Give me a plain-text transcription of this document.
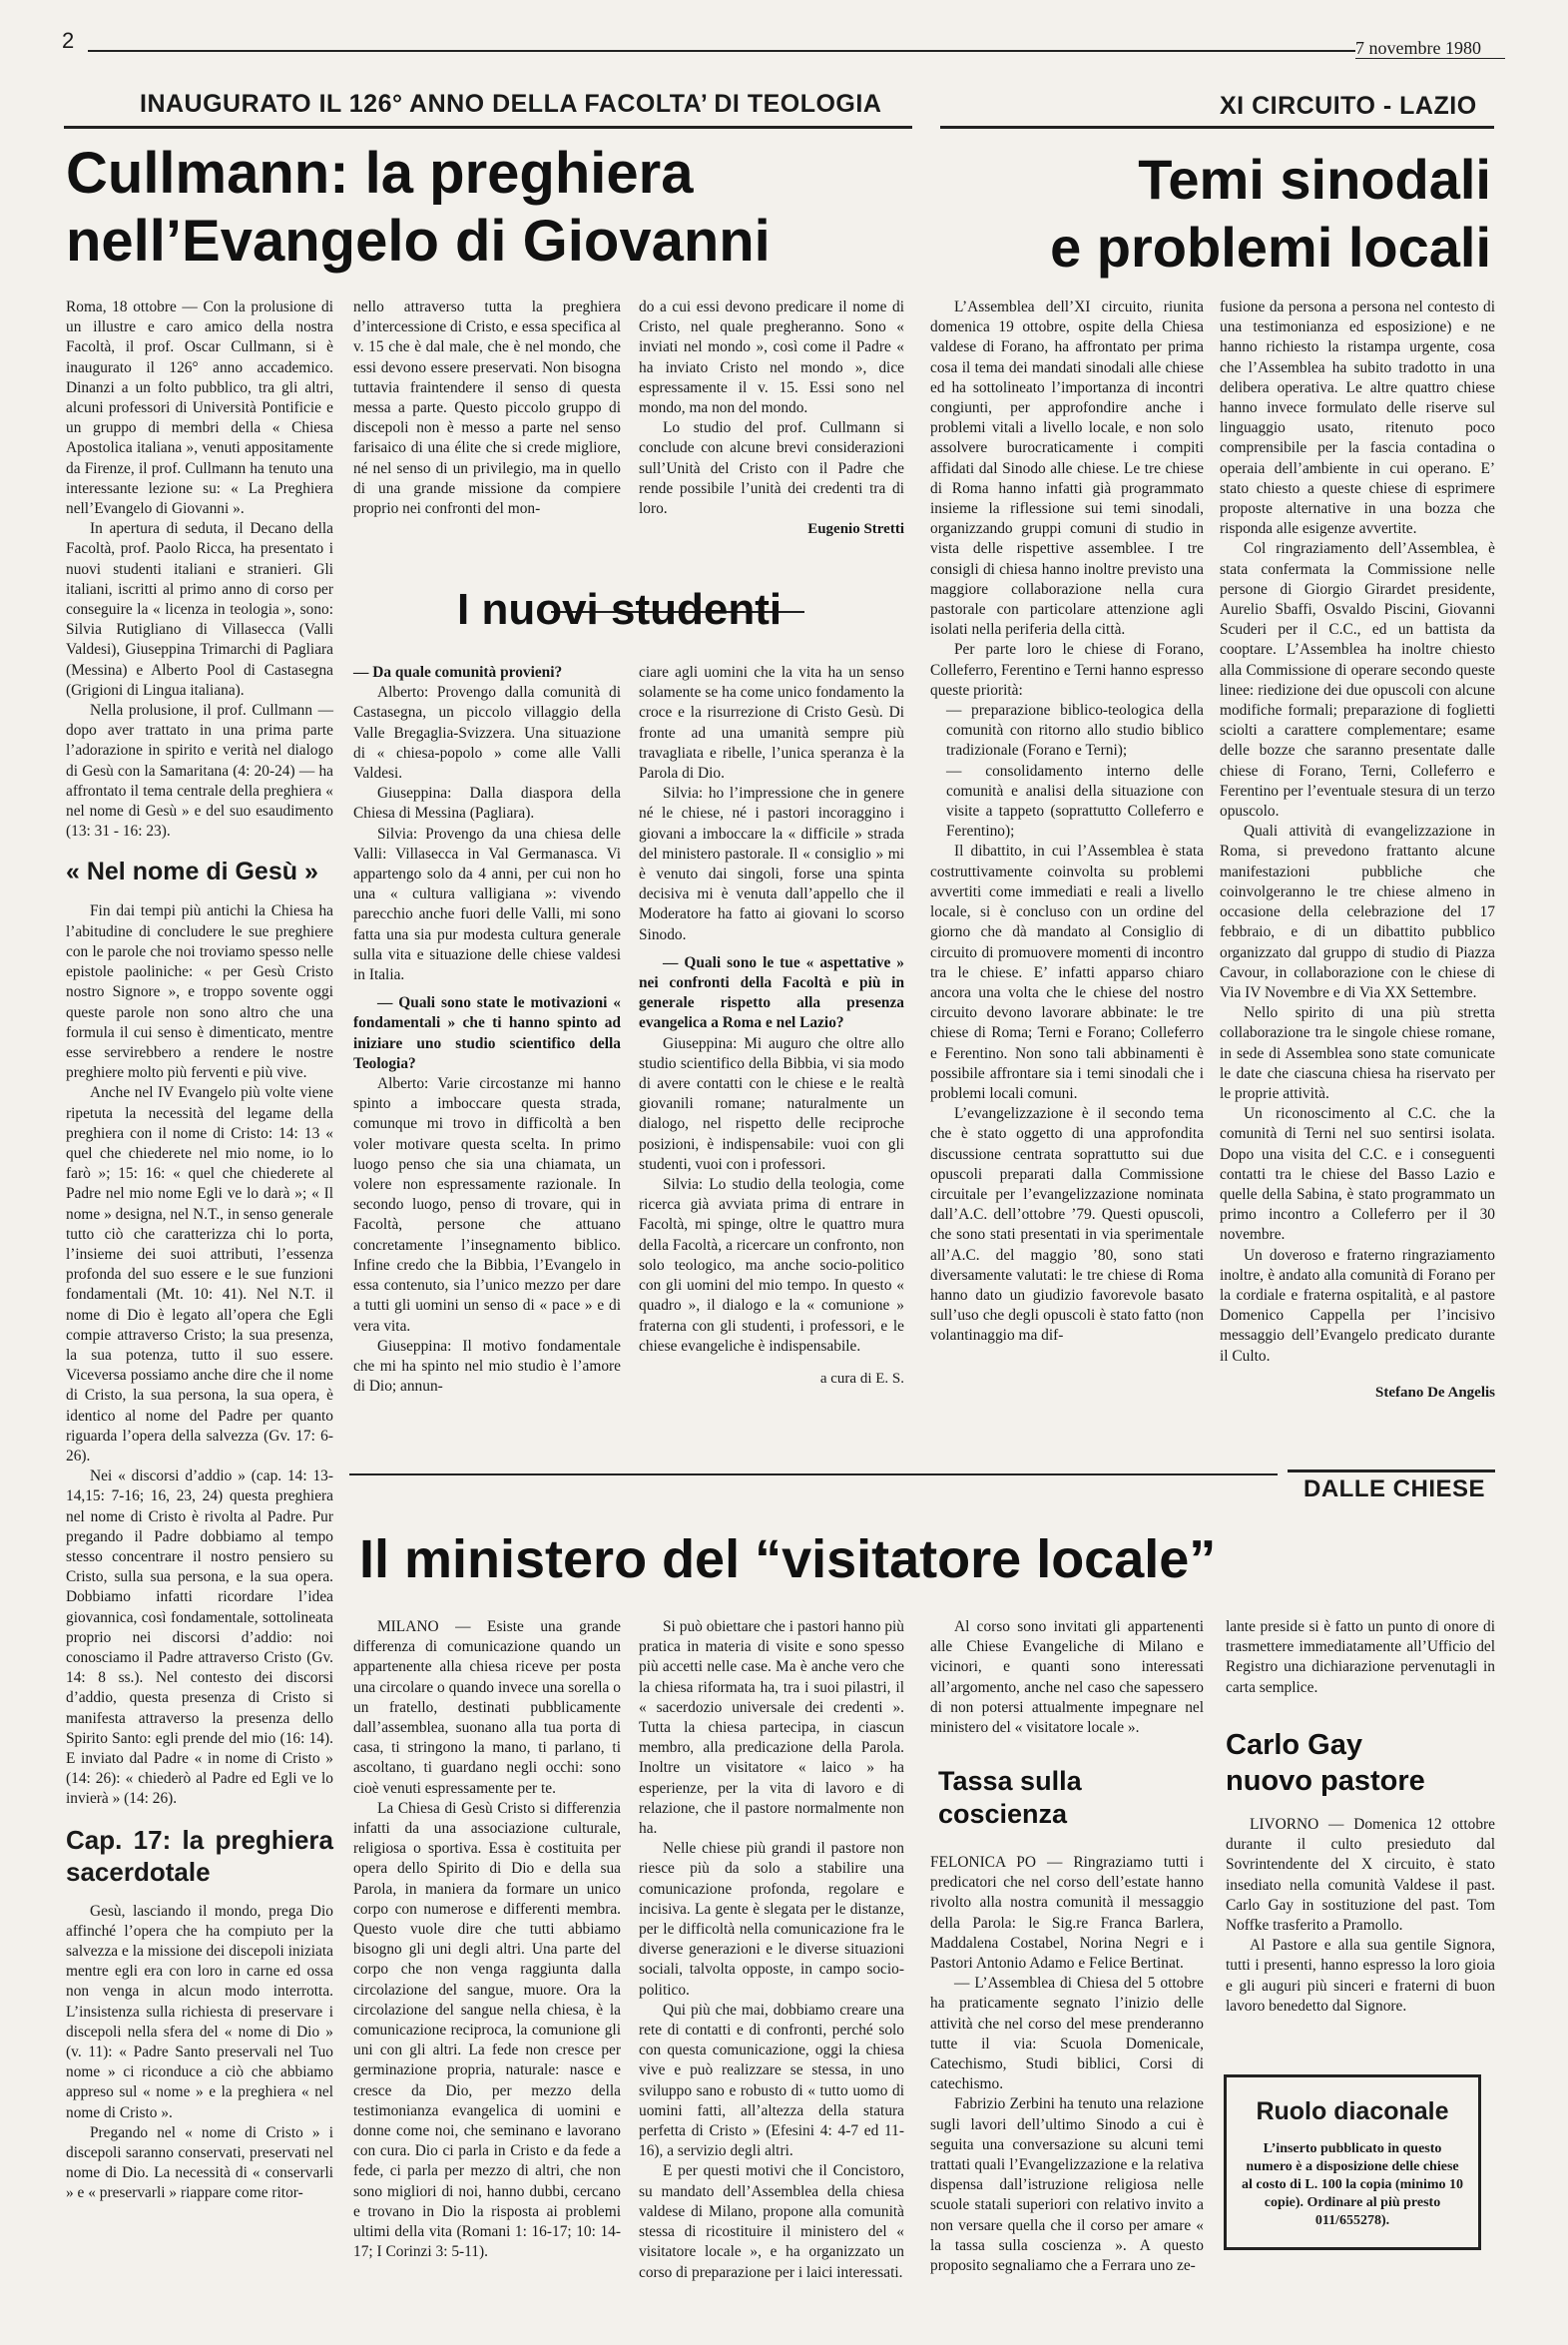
2	7 novembre 1980
INAUGURATO IL 126° ANNO DELLA FACOLTA’ DI TEOLOGIA	XI CIRCUITO - LAZIO
Cullmann: la preghiera
nell’Evangelo di Giovanni
Temi sinodali
e problemi locali

Roma, 18 ottobre — Con la prolusione di un illustre e caro amico della nostra Facoltà, il prof. Oscar Cullmann, si è inaugurato il 126° anno accademico. Dinanzi a un folto pubblico, tra gli altri, alcuni professori di Università Pontificie e un gruppo di membri della « Chiesa Apostolica italiana », venuti appositamente da Firenze, il prof. Cullmann ha tenuto una interessante lezione su: « La Preghiera nell’Evangelo di Giovanni ».

In apertura di seduta, il Decano della Facoltà, prof. Paolo Ricca, ha presentato i nuovi studenti italiani e stranieri. Gli italiani, iscritti al primo anno di corso per conseguire la « licenza in teologia », sono: Silvia Rutigliano di Villasecca (Valli Valdesi), Giuseppina Trimarchi di Pagliara (Messina) e Alberto Pool di Castasegna (Grigioni di Lingua italiana).

Nella prolusione, il prof. Cullmann — dopo aver trattato in una prima parte l’adorazione in spirito e verità nel dialogo di Gesù con la Samaritana (4: 20-24) — ha affrontato il tema centrale della preghiera « nel nome di Gesù » e del suo esaudimento (13: 31 - 16: 23).

« Nel nome di Gesù »

Fin dai tempi più antichi la Chiesa ha l’abitudine di concludere le sue preghiere con le parole che noi troviamo spesso nelle epistole paoliniche: « per Gesù Cristo nostro Signore », e troppo sovente oggi queste parole non sono altro che una formula il cui senso è dimenticato, mentre esse servirebbero a rendere le nostre preghiere molto più ferventi e più vive.

Anche nel IV Evangelo più volte viene ripetuta la necessità del legame della preghiera con il nome di Cristo: 14: 13 « quel che chiederete nel mio nome, io lo farò »; 15: 16: « quel che chiederete al Padre nel mio nome Egli ve lo darà »; « Il nome » designa, nel N.T., in senso generale tutto ciò che caratterizza chi lo porta, l’insieme dei suoi attributi, l’essenza profonda del suo essere e le sue funzioni fondamentali (Mt. 10: 41). Nel N.T. il nome di Dio è legato all’opera che Egli compie attraverso Cristo; la sua presenza, la sua potenza, tutto il suo essere. Viceversa possiamo anche dire che il nome di Cristo, la sua persona, la sua opera, è identico al nome del Padre per quanto riguarda l’opera della salvezza (Gv. 17: 6-26).

Nei « discorsi d’addio » (cap. 14: 13-14,15: 7-16; 16, 23, 24) questa preghiera nel nome di Cristo è rivolta al Padre. Pur pregando il Padre dobbiamo al tempo stesso concentrare il nostro pensiero su Cristo, sulla sua persona, e la sua opera. Dobbiamo infatti ricordare l’idea giovannica, così fondamentale, sottolineata proprio nei discorsi d’addio: noi conosciamo il Padre attraverso Cristo (Gv. 14: 8 ss.). Nel contesto dei discorsi d’addio, questa presenza di Cristo si manifesta attraverso la presenza dello Spirito Santo: egli prende del mio (16: 14). E inviato dal Padre « in nome di Cristo » (14: 26): « chiederò al Padre ed Egli ve lo invierà » (14: 26).

Cap. 17: la preghiera sacerdotale

Gesù, lasciando il mondo, prega Dio affinché l’opera che ha compiuto per la salvezza e la missione dei discepoli iniziata mentre egli era con loro in carne ed ossa non venga in alcun modo interrotta. L’insistenza sulla richiesta di preservare i discepoli nella sfera del « nome di Dio » (v. 11): « Padre Santo preservali nel Tuo nome » ci riconduce a ciò che abbiamo appreso sul « nome » e la preghiera « nel nome di Cristo ».

Pregando nel « nome di Cristo » i discepoli saranno conservati, preservati nel nome di Dio. La necessità di « conservarli » e « preservarli » riappare come ritor-

nello attraverso tutta la preghiera d’intercessione di Cristo, e essa specifica al v. 15 che è dal male, che è nel mondo, che essi devono essere preservati. Non bisogna tuttavia fraintendere il senso di questa messa a parte. Questo piccolo gruppo di discepoli non è messo a parte nel senso farisaico di una élite che si crede migliore, né nel senso di un privilegio, ma in quello di una grande missione da compiere proprio nei confronti del mon-

do a cui essi devono predicare il nome di Cristo, nel quale pregheranno. Sono « inviati nel mondo », così come il Padre « ha inviato Cristo nel mondo », dice espressamente il v. 15. Essi sono nel mondo, ma non del mondo.

Lo studio del prof. Cullmann si conclude con alcune brevi considerazioni sull’Unità del Cristo con il Padre che rende possibile l’unità dei credenti tra di loro.

Eugenio Stretti
I nuovi studenti

— Da quale comunità provieni?

Alberto: Provengo dalla comunità di Castasegna, un piccolo villaggio della Valle Bregaglia-Svizzera. Una situazione di « chiesa-popolo » come alle Valli Valdesi.

Giuseppina: Dalla diaspora della Chiesa di Messina (Pagliara).

Silvia: Provengo da una chiesa delle Valli: Villasecca in Val Germanasca. Vi appartengo solo da 4 anni, per cui non ho una « cultura valligiana »: vivendo parecchio anche fuori delle Valli, mi sono fatta una sia pur modesta cultura generale sulla vita e situazione delle chiese valdesi in Italia.

— Quali sono state le motivazioni « fondamentali » che ti hanno spinto ad iniziare uno studio scientifico della Teologia?

Alberto: Varie circostanze mi hanno spinto a imboccare questa strada, comunque mi trovo in difficoltà a ben voler motivare questa scelta. In primo luogo penso che sia una chiamata, un volere non espressamente razionale. In secondo luogo, penso di trovare, qui in Facoltà, persone che attuano concretamente l’insegnamento biblico. Infine credo che la Bibbia, l’Evangelo in essa contenuto, sia l’unico mezzo per dare a tutti gli uomini un senso di « pace » e di vera vita.

Giuseppina: Il motivo fondamentale che mi ha spinto nel mio studio è l’amore di Dio; annun-

ciare agli uomini che la vita ha un senso solamente se ha come unico fondamento la croce e la risurrezione di Cristo Gesù. Di fronte ad una umanità sempre più travagliata e ribelle, l’unica speranza è la Parola di Dio.

Silvia: ho l’impressione che in genere né le chiese, né i pastori incoraggino i giovani a imboccare la « difficile » strada del ministero pastorale. Il « consiglio » mi è venuto dai singoli, forse una spinta decisiva mi è venuta dall’appello che il Moderatore ha fatto ai giovani lo scorso Sinodo.

— Quali sono le tue « aspettative » nei confronti della Facoltà e più in generale rispetto alla presenza evangelica a Roma e nel Lazio?

Giuseppina: Mi auguro che oltre allo studio scientifico della Bibbia, vi sia modo di avere contatti con le chiese e le realtà giovanili romane; naturalmente un dialogo, nel rispetto delle reciproche posizioni, è indispensabile: vuoi con gli studenti, vuoi con i professori.

Silvia: Lo studio della teologia, come ricerca già avviata prima di entrare in Facoltà, mi spinge, oltre le quattro mura della Facoltà, a ricercare un confronto, non solo teologico, ma anche socio-politico con gli uomini del mio tempo. In questo « quadro », il dialogo e la « comunione » fraterna con gli studenti, i professori, e le chiese evangeliche è indispensabile.

a cura di E. S.

L’Assemblea dell’XI circuito, riunita domenica 19 ottobre, ospite della Chiesa valdese di Forano, ha affrontato per prima cosa il tema dei mandati sinodali alle chiese ed ha sottolineato l’importanza di incontri congiunti, per approfondire anche i problemi vitali a livello locale, e non solo assolvere burocraticamente i compiti affidati dal Sinodo alle chiese. Le tre chiese di Roma hanno infatti già programmato insieme la riflessione sui temi sinodali, organizzando gruppi comuni di studio in vista delle rispettive assemblee. I tre consigli di chiesa hanno inoltre previsto una maggiore collaborazione nella cura pastorale con particolare attenzione agli isolati nella periferia della città.

Per parte loro le chiese di Forano, Colleferro, Ferentino e Terni hanno espresso queste priorità:

— preparazione biblico-teologica della comunità con ritorno allo studio biblico tradizionale (Forano e Terni);

— consolidamento interno delle comunità e analisi della situazione con visite a tappeto (soprattutto Colleferro e Ferentino);

Il dibattito, in cui l’Assemblea è stata costruttivamente coinvolta su problemi avvertiti come immediati e reali a livello locale, si è concluso con un ordine del giorno che dà mandato al Consiglio di circuito di promuovere momenti di incontro tra le chiese. E’ infatti apparso chiaro ancora una volta che le chiese del nostro circuito devono lavorare abbinate: le tre chiese di Roma; Terni e Forano; Colleferro e Ferentino. Non sono tali abbinamenti è possibile affrontare sia i temi sinodali che i problemi locali comuni.

L’evangelizzazione è il secondo tema che è stato oggetto di una approfondita discussione centrata soprattutto sui due opuscoli preparati dalla Commissione circuitale per l’evangelizzazione nominata dall’A.C. dell’ottobre ’79. Questi opuscoli, che sono stati presentati in via sperimentale all’A.C. del maggio ’80, sono stati diversamente valutati: le tre chiese di Roma hanno dato un giudizio favorevole basato sull’uso che degli opuscoli è stato fatto (non volantinaggio ma dif-

fusione da persona a persona nel contesto di una testimonianza ed esposizione) e ne hanno richiesto la ristampa urgente, cosa che l’Assemblea ha subito tradotto in una delibera operativa. Le altre quattro chiese hanno invece formulato delle riserve sul linguaggio usato, ritenuto poco comprensibile per la fascia contadina o operaia dell’ambiente in cui operano. E’ stato chiesto a queste chiese di esprimere proposte alternative in una bozza che risponda alle esigenze avvertite.

Col ringraziamento dell’Assemblea, è stata confermata la Commissione nelle persone di Giorgio Girardet presidente, Aurelio Sbaffi, Osvaldo Piscini, Giovanni Scuderi per il C.C., ed un battista da cooptare. L’Assemblea ha inoltre chiesto alla Commissione di operare secondo queste linee: riedizione dei due opuscoli con alcune modifiche formali; preparazione di foglietti sciolti a carattere complementare; esame delle bozze che saranno presentate dalle chiese di Forano, Terni, Colleferro e Ferentino per l’eventuale stesura di un terzo opuscolo.

Quali attività di evangelizzazione in Roma, si prevedono frattanto alcune manifestazioni pubbliche che coinvolgeranno le tre chiese almeno in occasione della celebrazione del 17 febbraio, e di un dibattito pubblico organizzato dal gruppo di studio di Piazza Cavour, in collaborazione con le chiese di Via IV Novembre e di Via XX Settembre.

Nello spirito di una più stretta collaborazione tra le singole chiese romane, in sede di Assemblea sono state comunicate le date che ciascuna chiesa ha riservato per le proprie attività.

Un riconoscimento al C.C. che la comunità di Terni nel suo sentirsi isolata. Dopo una visita del C.C. e i conseguenti contatti tra le chiese del Basso Lazio e quelle della Sabina, è stato programmato un primo incontro a Colleferro per il 30 novembre.

Un doveroso e fraterno ringraziamento inoltre, è andato alla comunità di Forano per la cordiale e fraterna ospitalità, e al pastore Domenico Cappella per l’incisivo messaggio dell’Evangelo predicato durante il Culto.

Stefano De Angelis
DALLE CHIESE
Il ministero del “visitatore locale”

MILANO — Esiste una grande differenza di comunicazione quando un appartenente alla chiesa riceve per posta una circolare o quando invece una sorella o un fratello, destinati pubblicamente dall’assemblea, suonano alla tua porta di casa, ti stringono la mano, ti parlano, ti ascoltano, ti guardano negli occhi: sono cioè venuti espressamente per te.

La Chiesa di Gesù Cristo si differenzia infatti da una associazione culturale, religiosa o sportiva. Essa è costituita per opera dello Spirito di Dio e della sua Parola, in maniera da formare un unico corpo con numerose e differenti membra. Questo vuole dire che tutti abbiamo bisogno gli uni degli altri. Una parte del corpo che non venga raggiunta dalla circolazione del sangue, muore. Ora la circolazione del sangue nella chiesa, è la comunicazione reciproca, la comunione gli uni con gli altri. La fede non cresce per germinazione propria, naturale: nasce e cresce da Dio, per mezzo della testimonianza evangelica di uomini e donne come noi, che seminano e lavorano con cura. Dio ci parla in Cristo e da fede a fede, ci parla per mezzo di altri, che non sono migliori di noi, hanno dubbi, cercano e trovano in Dio la risposta ai problemi ultimi della vita (Romani 1: 16-17; 10: 14-17; I Corinzi 3: 5-11).

Si può obiettare che i pastori hanno più pratica in materia di visite e sono spesso più accetti nelle case. Ma è anche vero che la chiesa riformata ha, tra i suoi pilastri, il « sacerdozio universale dei credenti ». Tutta la chiesa partecipa, in ciascun membro, alla predicazione della Parola. Inoltre un visitatore « laico » ha esperienze, per la vita di lavoro e di relazione, che il pastore normalmente non ha.

Nelle chiese più grandi il pastore non riesce più da solo a stabilire una comunicazione profonda, regolare e incisiva. La gente è slegata per le distanze, per le difficoltà nella comunicazione fra le diverse generazioni e le diverse situazioni sociali, talvolta opposte, in campo socio-politico.

Qui più che mai, dobbiamo creare una rete di contatti e di confronti, perché solo con questa comunicazione, oggi la chiesa vive e può realizzare se stessa, in uno sviluppo sano e robusto di « tutto uomo di uomini fatti, all’altezza della statura perfetta di Cristo » (Efesini 4: 4-7 ed 11-16), a servizio degli altri.

E per questi motivi che il Concistoro, su mandato dell’Assemblea della chiesa valdese di Milano, propone alla comunità stessa di ricostituire il ministero del « visitatore locale », e ha organizzato un corso di preparazione per i laici interessati.

Al corso sono invitati gli appartenenti alle Chiese Evangeliche di Milano e vicinori, e quanti sono interessati all’argomento, anche nel caso che sapessero di non potersi attualmente impegnare nel ministero del « visitatore locale ».

Tassa sulla coscienza

FELONICA PO — Ringraziamo tutti i predicatori che nel corso dell’estate hanno rivolto alla nostra comunità il messaggio della Parola: le Sig.re Franca Barlera, Maddalena Costabel, Norina Negri e i Pastori Antonio Adamo e Felice Bertinat.

— L’Assemblea di Chiesa del 5 ottobre ha praticamente segnato l’inizio delle attività che nel corso del mese prenderanno tutte il via: Scuola Domenicale, Catechismo, Studi biblici, Corsi di catechismo.

Fabrizio Zerbini ha tenuto una relazione sugli lavori dell’ultimo Sinodo a cui è seguita una conversazione su alcuni temi trattati quali l’Evangelizzazione e la relativa dispensa dall’istruzione religiosa nelle scuole statali superiori con relativo invito a non versare quella che il corso per amare « la tassa sulla coscienza ». A questo proposito segnaliamo che a Ferrara uno ze-

lante preside si è fatto un punto di onore di trasmettere immediatamente all’Ufficio del Registro una dichiarazione pervenutagli in carta semplice.

Carlo Gay
nuovo pastore

LIVORNO — Domenica 12 ottobre durante il culto presieduto dal Sovrintendente del X circuito, è stato insediato nella comunità Valdese il past. Carlo Gay in sostituzione del past. Tom Noffke trasferito a Pramollo.

Al Pastore e alla sua gentile Signora, tutti i presenti, hanno espresso la loro gioia e gli auguri più sinceri e fraterni di buon lavoro benedetto dal Signore.

Ruolo diaconale
L’inserto pubblicato in questo numero è a disposizione delle chiese al costo di L. 100 la copia (minimo 10 copie). Ordinare al più presto 011/655278).
